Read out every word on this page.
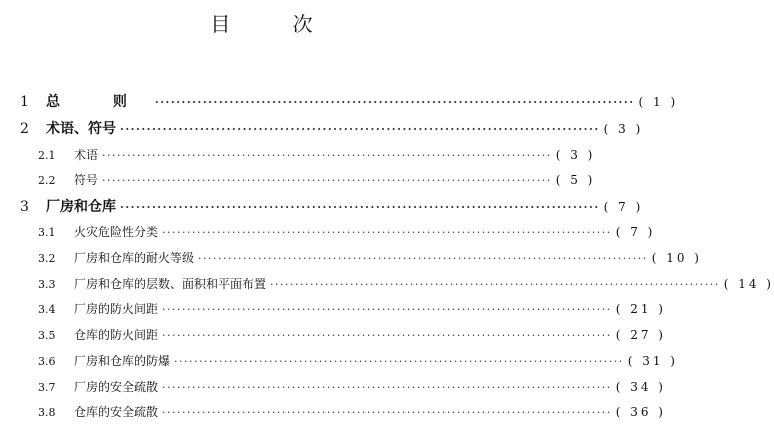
目 次
1	总 则 ·························································································· ( 1 )
2	术语、符号 ·························································································· ( 3 )
2.1	术语 ·························································································· ( 3 )
2.2	符号 ·························································································· ( 5 )
3	厂房和仓库 ·························································································· ( 7 )
3.1	火灾危险性分类 ·························································································· ( 7 )
3.2	厂房和仓库的耐火等级 ·························································································· ( 10 )
3.3	厂房和仓库的层数、面积和平面布置 ·························································································· ( 14 )
3.4	厂房的防火间距 ·························································································· ( 21 )
3.5	仓库的防火间距 ·························································································· ( 27 )
3.6	厂房和仓库的防爆 ·························································································· ( 31 )
3.7	厂房的安全疏散 ·························································································· ( 34 )
3.8	仓库的安全疏散 ·························································································· ( 36 )
